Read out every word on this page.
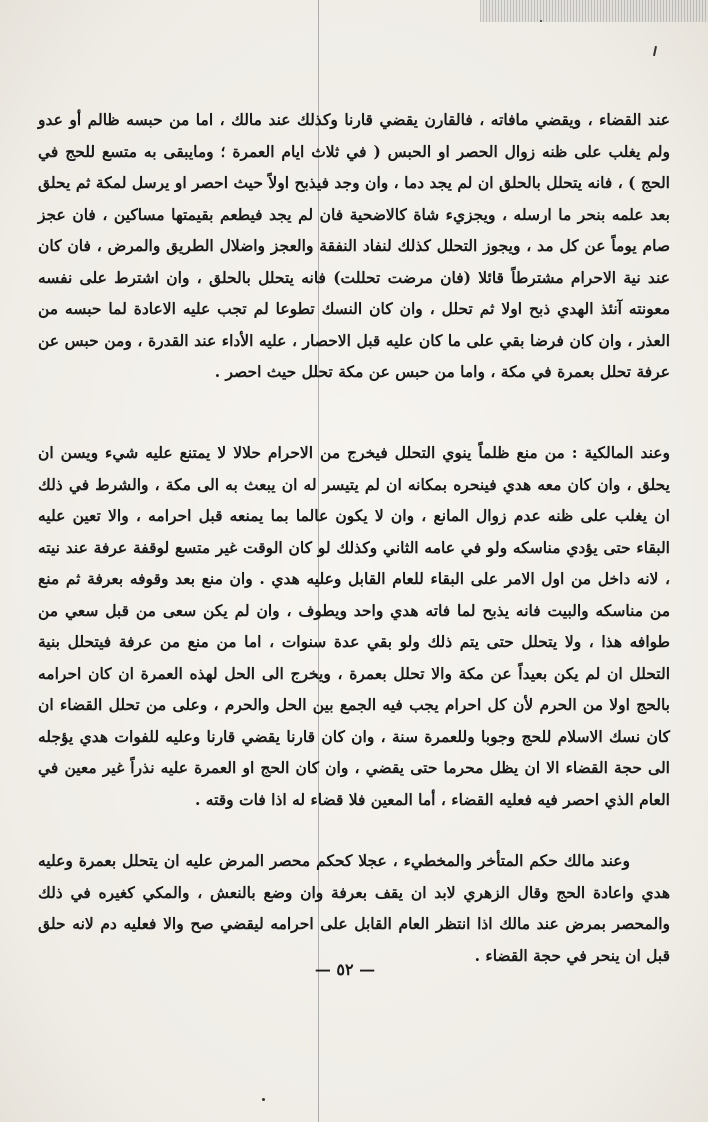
عند القضاء ، ويقضي مافاته ، فالقارن يقضي قارنا وكذلك عند مالك ، اما من حبسه ظالم أو عدو ولم يغلب على ظنه زوال الحصر او الحبس ( في ثلاث ايام العمرة ؛ ومايبقى به متسع للحج في الحج ) ، فانه يتحلل بالحلق ان لم يجد دما ، وان وجد فيذبح اولاً حيث احصر او يرسل لمكة ثم يحلق بعد علمه بنحر ما ارسله ، ويجزيء شاة كالاضحية فان لم يجد فيطعم بقيمتها مساكين ، فان عجز صام يوماً عن كل مد ، ويجوز التحلل كذلك لنفاد النفقة والعجز واضلال الطريق والمرض ، فان كان عند نية الاحرام مشترطاً قائلا (فان مرضت تحللت) فانه يتحلل بالحلق ، وان اشترط على نفسه معونته آنئذ الهدي ذبح اولا ثم تحلل ، وان كان النسك تطوعا لم تجب عليه الاعادة لما حبسه من العذر ، وان كان فرضا بقي على ما كان عليه قبل الاحصار ، عليه الأداء عند القدرة ، ومن حبس عن عرفة تحلل بعمرة في مكة ، واما من حبس عن مكة تحلل حيث احصر .

وعند المالكية : من منع ظلماً ينوي التحلل فيخرج من الاحرام حلالا لا يمتنع عليه شيء ويسن ان يحلق ، وان كان معه هدي فينحره بمكانه ان لم يتيسر له ان يبعث به الى مكة ، والشرط في ذلك ان يغلب على ظنه عدم زوال المانع ، وان لا يكون عالما بما يمنعه قبل احرامه ، والا تعين عليه البقاء حتى يؤدي مناسكه ولو في عامه الثاني وكذلك لو كان الوقت غير متسع لوقفة عرفة عند نيته ، لانه داخل من اول الامر على البقاء للعام القابل وعليه هدي . وان منع بعد وقوفه بعرفة ثم منع من مناسكه والبيت فانه يذبح لما فاته هدي واحد ويطوف ، وان لم يكن سعى من قبل سعي من طوافه هذا ، ولا يتحلل حتى يتم ذلك ولو بقي عدة سنوات ، اما من منع من عرفة فيتحلل بنية التحلل ان لم يكن بعيداً عن مكة والا تحلل بعمرة ، ويخرج الى الحل لهذه العمرة ان كان احرامه بالحج اولا من الحرم لأن كل احرام يجب فيه الجمع بين الحل والحرم ، وعلى من تحلل القضاء ان كان نسك الاسلام للحج وجوبا وللعمرة سنة ، وان كان قارنا يقضي قارنا وعليه للفوات هدي يؤجله الى حجة القضاء الا ان يظل محرما حتى يقضي ، وان كان الحج او العمرة عليه نذراً غير معين في العام الذي احصر فيه فعليه القضاء ، أما المعين فلا قضاء له اذا فات وقته .

وعند مالك حكم المتأخر والمخطيء ، عجلا كحكم محصر المرض عليه ان يتحلل بعمرة وعليه هدي واعادة الحج وقال الزهري لابد ان يقف بعرفة وان وضع بالنعش ، والمكي كغيره في ذلك والمحصر بمرض عند مالك اذا انتظر العام القابل على احرامه ليقضي صح والا فعليه دم لانه حلق قبل ان ينحر في حجة القضاء .

— ٥٢ —
